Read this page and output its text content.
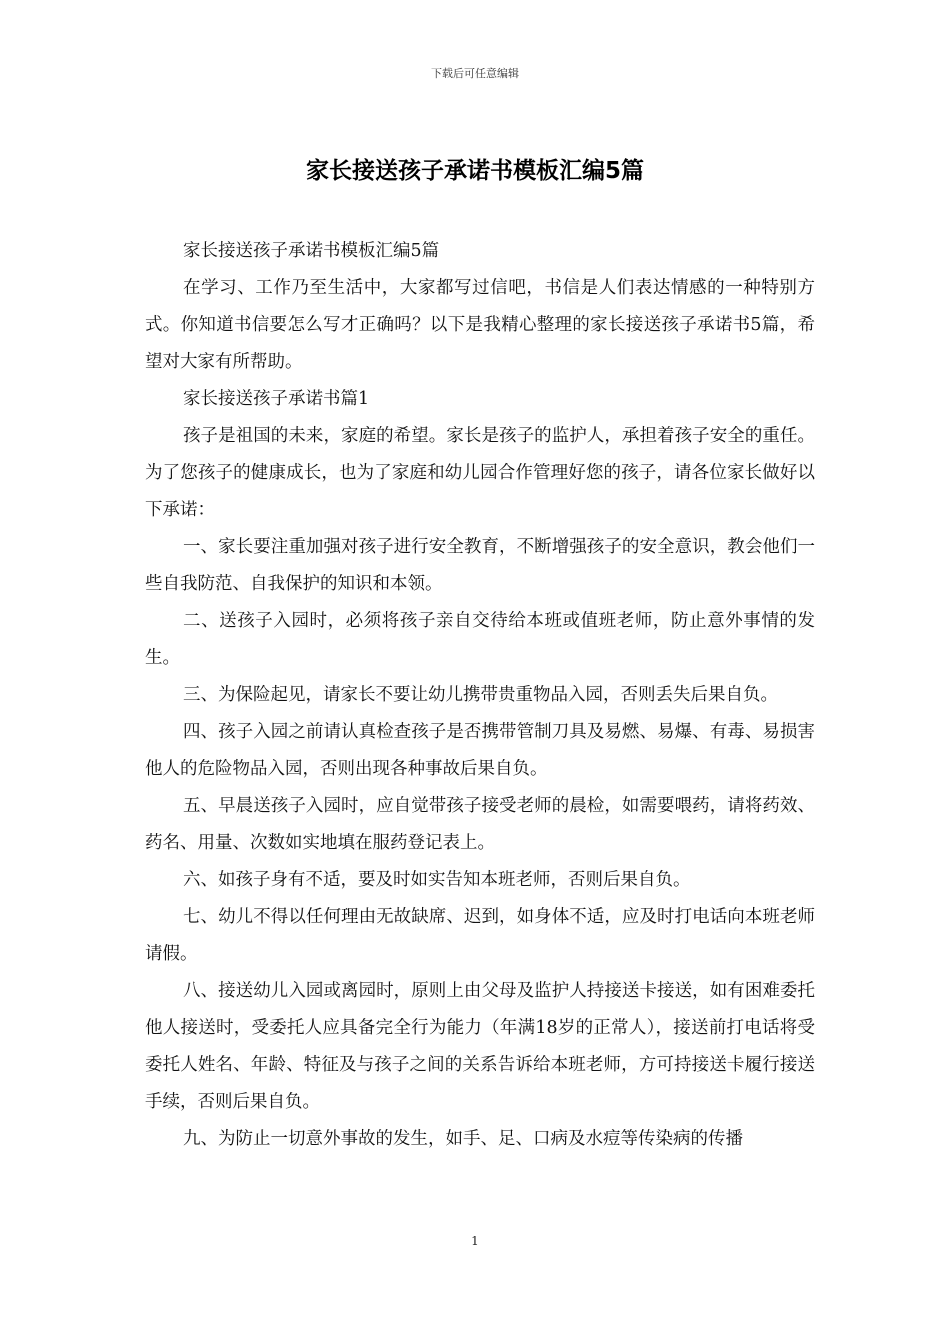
下载后可任意编辑
家长接送孩子承诺书模板汇编5篇

家长接送孩子承诺书模板汇编5篇

在学习、工作乃至生活中，大家都写过信吧，书信是人们表达情感的一种特别方式。你知道书信要怎么写才正确吗？以下是我精心整理的家长接送孩子承诺书5篇，希望对大家有所帮助。

家长接送孩子承诺书篇1

孩子是祖国的未来，家庭的希望。家长是孩子的监护人，承担着孩子安全的重任。为了您孩子的健康成长，也为了家庭和幼儿园合作管理好您的孩子，请各位家长做好以下承诺：

一、家长要注重加强对孩子进行安全教育，不断增强孩子的安全意识，教会他们一些自我防范、自我保护的知识和本领。

二、送孩子入园时，必须将孩子亲自交待给本班或值班老师，防止意外事情的发生。

三、为保险起见，请家长不要让幼儿携带贵重物品入园，否则丢失后果自负。

四、孩子入园之前请认真检查孩子是否携带管制刀具及易燃、易爆、有毒、易损害他人的危险物品入园，否则出现各种事故后果自负。

五、早晨送孩子入园时，应自觉带孩子接受老师的晨检，如需要喂药，请将药效、药名、用量、次数如实地填在服药登记表上。

六、如孩子身有不适，要及时如实告知本班老师，否则后果自负。

七、幼儿不得以任何理由无故缺席、迟到，如身体不适，应及时打电话向本班老师请假。

八、接送幼儿入园或离园时，原则上由父母及监护人持接送卡接送，如有困难委托他人接送时，受委托人应具备完全行为能力（年满18岁的正常人），接送前打电话将受委托人姓名、年龄、特征及与孩子之间的关系告诉给本班老师，方可持接送卡履行接送手续，否则后果自负。

九、为防止一切意外事故的发生，如手、足、口病及水痘等传染病的传播

1
